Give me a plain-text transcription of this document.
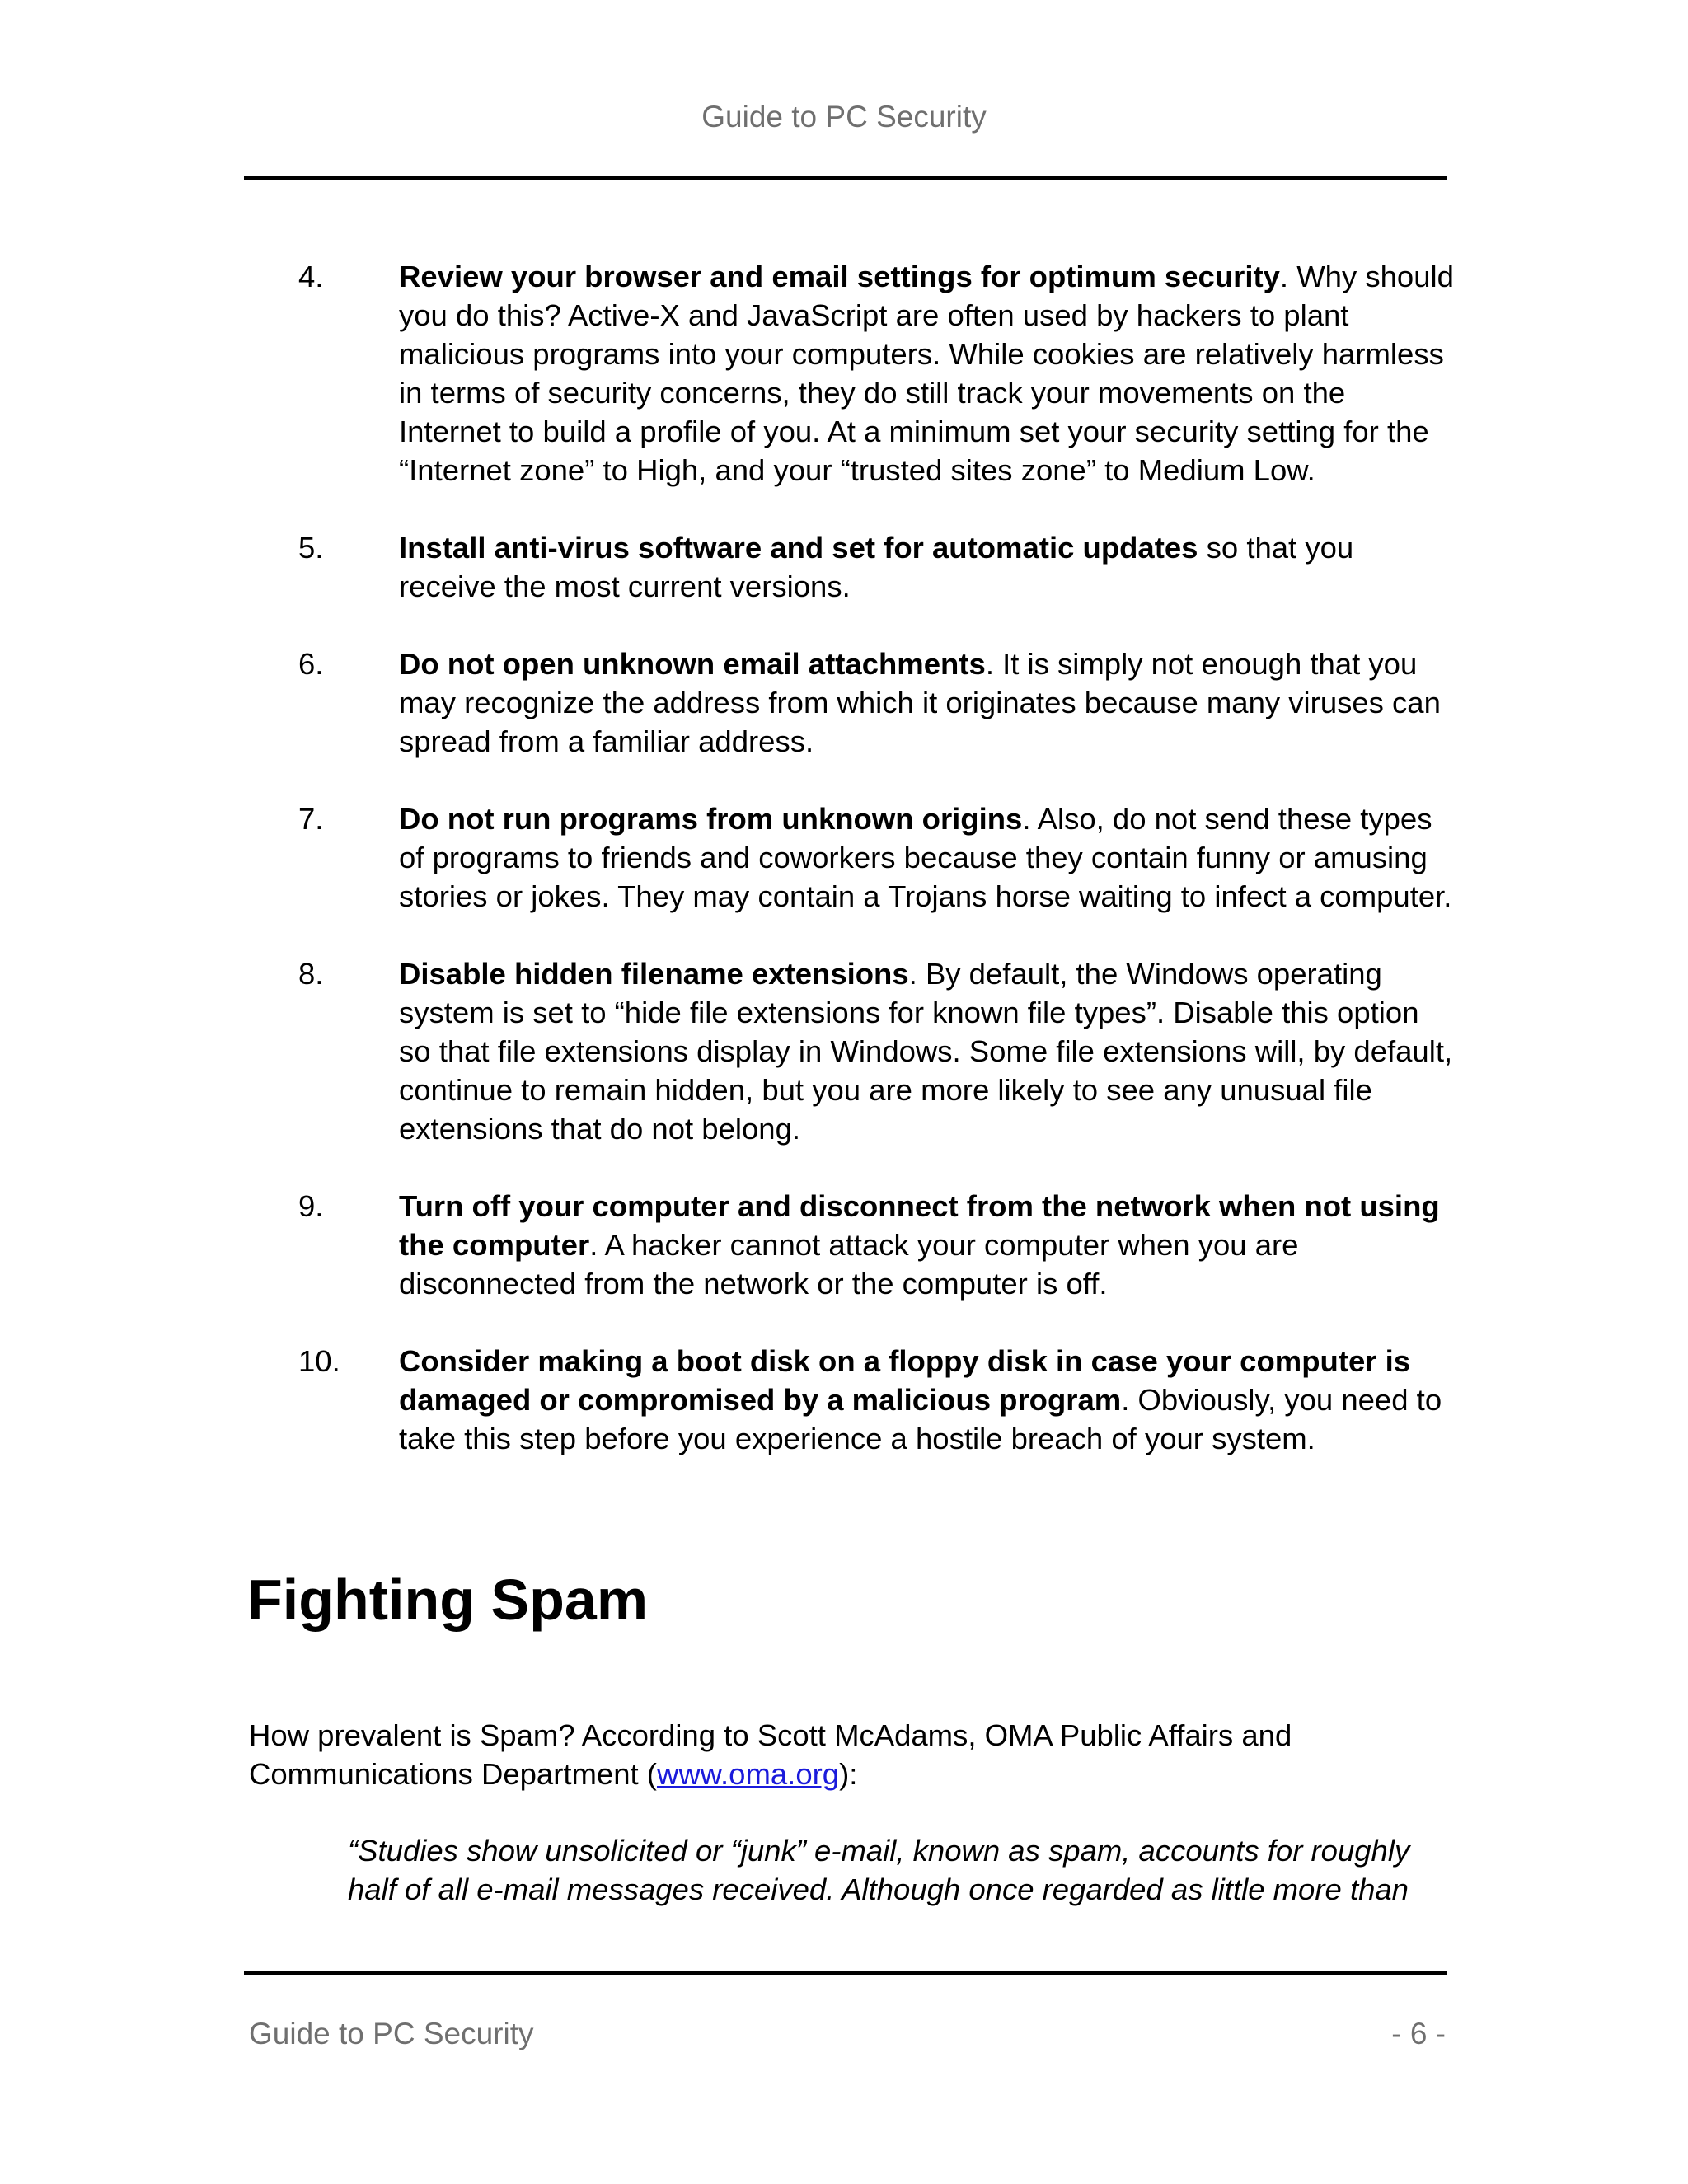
Guide to PC Security
4.	Review your browser and email settings for optimum security. Why should you do this? Active-X and JavaScript are often used by hackers to plant malicious programs into your computers. While cookies are relatively harmless in terms of security concerns, they do still track your movements on the Internet to build a profile of you. At a minimum set your security setting for the “Internet zone” to High, and your “trusted sites zone” to Medium Low.
5.	Install anti-virus software and set for automatic updates so that you receive the most current versions.
6.	Do not open unknown email attachments. It is simply not enough that you may recognize the address from which it originates because many viruses can spread from a familiar address.
7.	Do not run programs from unknown origins. Also, do not send these types of programs to friends and coworkers because they contain funny or amusing stories or jokes. They may contain a Trojans horse waiting to infect a computer.
8.	Disable hidden filename extensions. By default, the Windows operating system is set to “hide file extensions for known file types”. Disable this option so that file extensions display in Windows. Some file extensions will, by default, continue to remain hidden, but you are more likely to see any unusual file extensions that do not belong.
9.	Turn off your computer and disconnect from the network when not using the computer. A hacker cannot attack your computer when you are disconnected from the network or the computer is off.
10. Consider making a boot disk on a floppy disk in case your computer is damaged or compromised by a malicious program. Obviously, you need to take this step before you experience a hostile breach of your system.
Fighting Spam

How prevalent is Spam? According to Scott McAdams, OMA Public Affairs and Communications Department (www.oma.org):

“Studies show unsolicited or “junk” e-mail, known as spam, accounts for roughly half of all e-mail messages received. Although once regarded as little more than

Guide to PC Security	- 6 -
